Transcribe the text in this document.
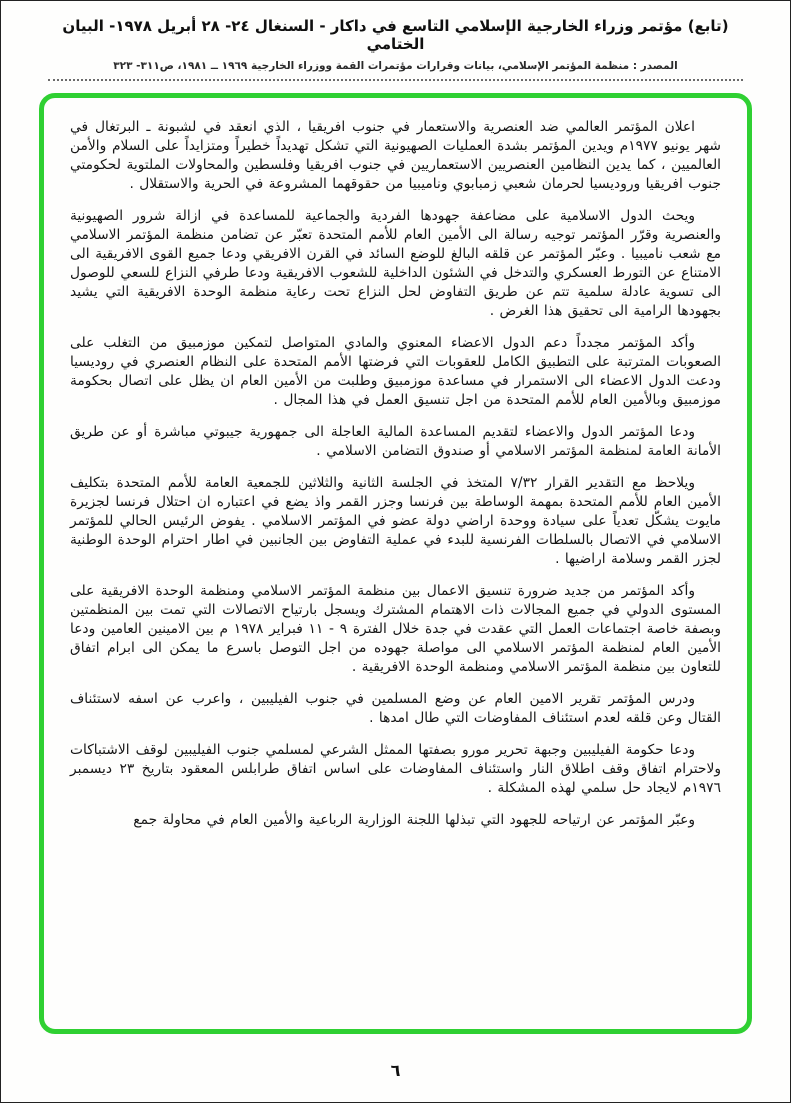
(تابع) مؤتمر وزراء الخارجية الإسلامي التاسع في داكار - السنغال ٢٤- ٢٨ أبريل ١٩٧٨- البيان الختامي
المصدر : منظمة المؤتمر الإسلامي، بيانات وقرارات مؤتمرات القمة ووزراء الخارجية ١٩٦٩ ــ ١٩٨١، ص٣١١- ٣٢٣

اعلان المؤتمر العالمي ضد العنصرية والاستعمار في جنوب افريقيا ، الذي انعقد في لشبونة ـ البرتغال في شهر يونيو ١٩٧٧م ويدين المؤتمر بشدة العمليات الصهيونية التي تشكل تهديداً خطيراً ومتزايداً على السلام والأمن العالميين ، كما يدين النظامين العنصريين الاستعماريين في جنوب افريقيا وفلسطين والمحاولات الملتوية لحكومتي جنوب افريقيا وروديسيا لحرمان شعبي زمبابوي وناميبيا من حقوقهما المشروعة في الحرية والاستقلال .

ويحث الدول الاسلامية على مضاعفة جهودها الفردية والجماعية للمساعدة في ازالة شرور الصهيونية والعنصرية وقرّر المؤتمر توجيه رسالة الى الأمين العام للأمم المتحدة تعبّر عن تضامن منظمة المؤتمر الاسلامي مع شعب ناميبيا . وعبّر المؤتمر عن قلقه البالغ للوضع السائد في القرن الافريقي ودعا جميع القوى الافريقية الى الامتناع عن التورط العسكري والتدخل في الشئون الداخلية للشعوب الافريقية ودعا طرفي النزاع للسعي للوصول الى تسوية عادلة سلمية تتم عن طريق التفاوض لحل النزاع تحت رعاية منظمة الوحدة الافريقية التي يشيد بجهودها الرامية الى تحقيق هذا الغرض .

وأكد المؤتمر مجدداً دعم الدول الاعضاء المعنوي والمادي المتواصل لتمكين موزمبيق من التغلب على الصعوبات المترتبة على التطبيق الكامل للعقوبات التي فرضتها الأمم المتحدة على النظام العنصري في روديسيا ودعت الدول الاعضاء الى الاستمرار في مساعدة موزمبيق وطلبت من الأمين العام ان يظل على اتصال بحكومة موزمبيق وبالأمين العام للأمم المتحدة من اجل تنسيق العمل في هذا المجال .

ودعا المؤتمر الدول والاعضاء لتقديم المساعدة المالية العاجلة الى جمهورية جيبوتي مباشرة أو عن طريق الأمانة العامة لمنظمة المؤتمر الاسلامي أو صندوق التضامن الاسلامي .

ويلاحظ مع التقدير القرار ٧/٣٢ المتخذ في الجلسة الثانية والثلاثين للجمعية العامة للأمم المتحدة بتكليف الأمين العام للأمم المتحدة بمهمة الوساطة بين فرنسا وجزر القمر واذ يضع في اعتباره ان احتلال فرنسا لجزيرة مايوت يشكّل تعدياً على سيادة ووحدة اراضي دولة عضو في المؤتمر الاسلامي . يفوض الرئيس الحالي للمؤتمر الاسلامي في الاتصال بالسلطات الفرنسية للبدء في عملية التفاوض بين الجانبين في اطار احترام الوحدة الوطنية لجزر القمر وسلامة اراضيها .

وأكد المؤتمر من جديد ضرورة تنسيق الاعمال بين منظمة المؤتمر الاسلامي ومنظمة الوحدة الافريقية على المستوى الدولي في جميع المجالات ذات الاهتمام المشترك ويسجل بارتياح الاتصالات التي تمت بين المنظمتين وبصفة خاصة اجتماعات العمل التي عقدت في جدة خلال الفترة ٩ - ١١ فبراير ١٩٧٨ م بين الامينين العامين ودعا الأمين العام لمنظمة المؤتمر الاسلامي الى مواصلة جهوده من اجل التوصل باسرع ما يمكن الى ابرام اتفاق للتعاون بين منظمة المؤتمر الاسلامي ومنظمة الوحدة الافريقية .

ودرس المؤتمر تقرير الامين العام عن وضع المسلمين في جنوب الفيليبين ، واعرب عن اسفه لاستئناف القتال وعن قلقه لعدم استئناف المفاوضات التي طال امدها .

ودعا حكومة الفيليبين وجبهة تحرير مورو بصفتها الممثل الشرعي لمسلمي جنوب الفيليبين لوقف الاشتباكات ولاحترام اتفاق وقف اطلاق النار واستئناف المفاوضات على اساس اتفاق طرابلس المعقود بتاريخ ٢٣ ديسمبر ١٩٧٦م لايجاد حل سلمي لهذه المشكلة .

وعبّر المؤتمر عن ارتياحه للجهود التي تبذلها اللجنة الوزارية الرباعية والأمين العام في محاولة جمع

٦
